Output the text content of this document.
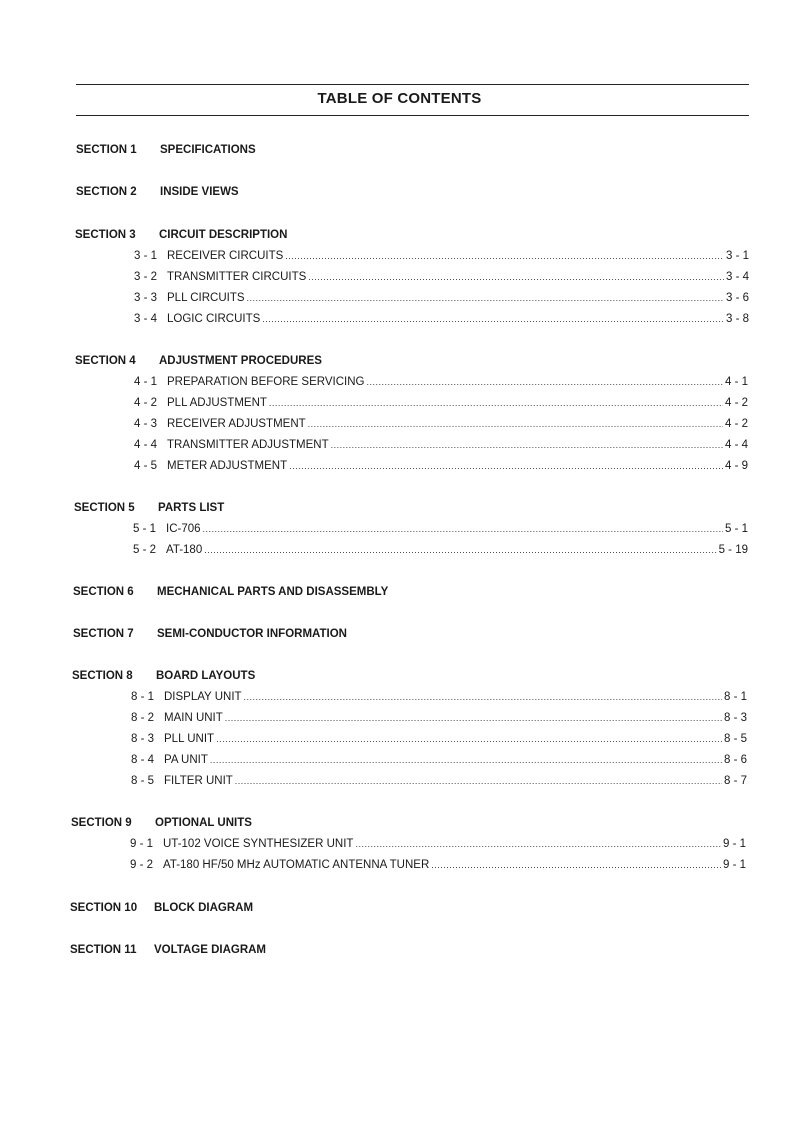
TABLE OF CONTENTS
SECTION 1 SPECIFICATIONS
SECTION 2 INSIDE VIEWS
SECTION 3 CIRCUIT DESCRIPTION
3 - 1 RECEIVER CIRCUITS .....	3 - 1
3 - 2 TRANSMITTER CIRCUITS .....	3 - 4
3 - 3 PLL CIRCUITS .....	3 - 6
3 - 4 LOGIC CIRCUITS .....	3 - 8
SECTION 4 ADJUSTMENT PROCEDURES
4 - 1 PREPARATION BEFORE SERVICING .....	4 - 1
4 - 2 PLL ADJUSTMENT .....	4 - 2
4 - 3 RECEIVER ADJUSTMENT .....	4 - 2
4 - 4 TRANSMITTER ADJUSTMENT .....	4 - 4
4 - 5 METER ADJUSTMENT .....	4 - 9
SECTION 5 PARTS LIST
5 - 1 IC-706 .....	5 - 1
5 - 2 AT-180 .....	5 - 19
SECTION 6 MECHANICAL PARTS AND DISASSEMBLY
SECTION 7 SEMI-CONDUCTOR INFORMATION
SECTION 8 BOARD LAYOUTS
8 - 1 DISPLAY UNIT .....	8 - 1
8 - 2 MAIN UNIT .....	8 - 3
8 - 3 PLL UNIT .....	8 - 5
8 - 4 PA UNIT .....	8 - 6
8 - 5 FILTER UNIT .....	8 - 7
SECTION 9 OPTIONAL UNITS
9 - 1 UT-102 VOICE SYNTHESIZER UNIT .....	9 - 1
9 - 2 AT-180 HF/50 MHz AUTOMATIC ANTENNA TUNER .....	9 - 1
SECTION 10 BLOCK DIAGRAM
SECTION 11 VOLTAGE DIAGRAM
